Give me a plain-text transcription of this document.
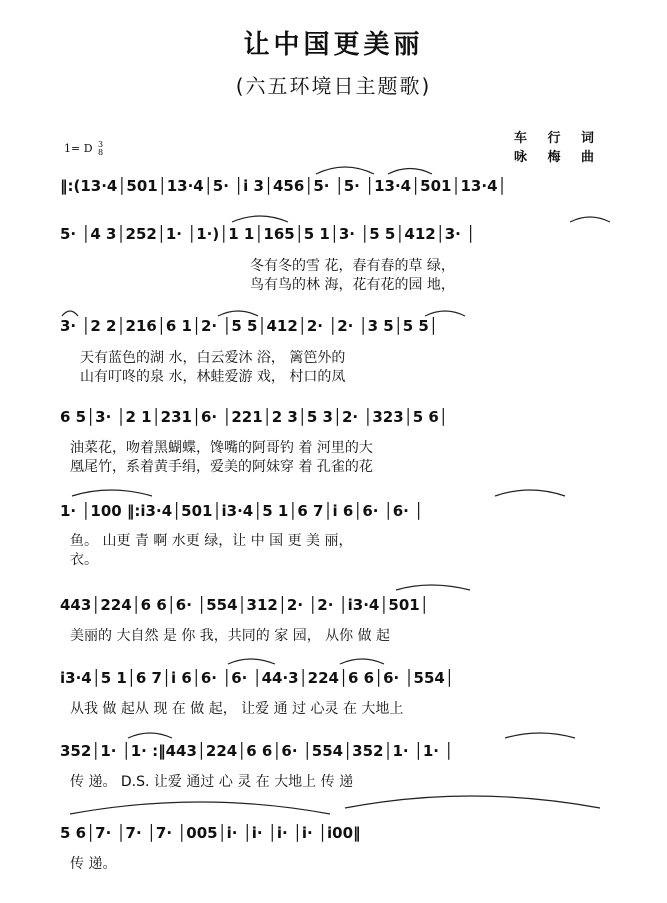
让中国更美丽
(六五环境日主题歌)
1= D 3
8
车 行 词
咏 梅 曲
‖:(13·4│501│13·4│5· │i 3│456│5· │5· │13·4│501│13·4│
5· │4 3│252│1· │1·)│1 1│165│5 1│3· │5 5│412│3· │
冬有冬的雪 花，春有春的草 绿，
鸟有鸟的林 海，花有花的园 地，
3· │2 2│216│6 1│2· │5 5│412│2· │2· │3 5│5 5│
天有蓝色的湖 水，白云爱沐 浴， 篱笆外的
山有叮咚的泉 水，林蛙爱游 戏， 村口的凤
6 5│3· │2 1│231│6· │221│2 3│5 3│2· │323│5 6│
油菜花，吻着黑蝴蝶，馋嘴的阿哥钓 着 河里的大
凰尾竹，系着黄手绢，爱美的阿妹穿 着 孔雀的花
1· │100 ‖:i3·4│501│i3·4│5 1│6 7│i 6│6· │6· │
鱼。 山更 青 啊 水更 绿，让 中 国 更 美 丽，
衣。
443│224│6 6│6· │554│312│2· │2· │i3·4│501│
美丽的 大自然 是 你 我，共同的 家 园， 从你 做 起
i3·4│5 1│6 7│i 6│6· │6· │44·3│224│6 6│6· │554│
从我 做 起从 现 在 做 起， 让爱 通 过 心灵 在 大地上
352│1· │1· :‖443│224│6 6│6· │554│352│1· │1· │
传 递。 D.S. 让爱 通过 心 灵 在 大地上 传 递
5 6│7· │7· │7· │005│i· │i· │i· │i· │i00‖
传 递。
